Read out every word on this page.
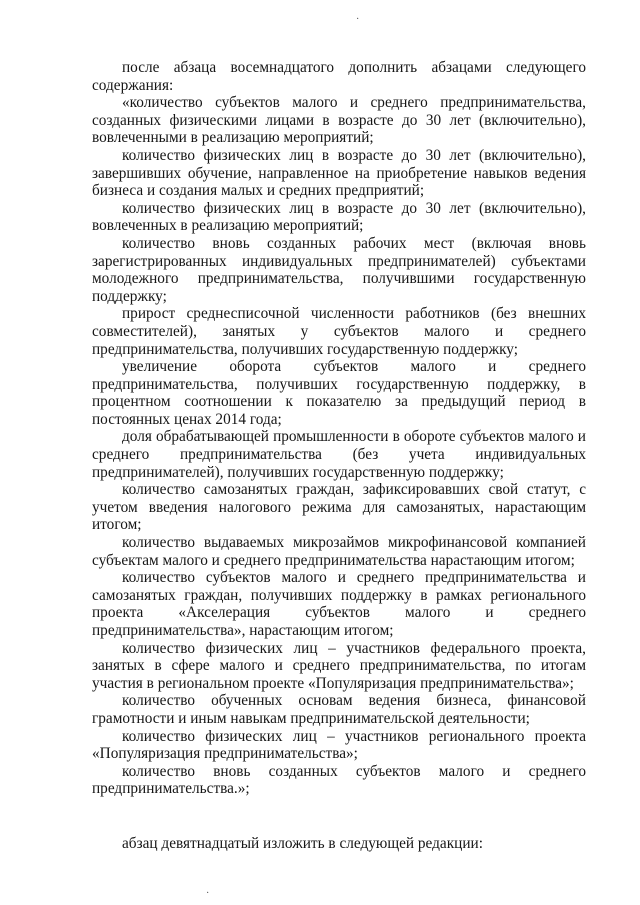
·

после абзаца восемнадцатого дополнить абзацами следующего содержания:

«количество субъектов малого и среднего предпринимательства, созданных физическими лицами в возрасте до 30 лет (включительно), вовлеченными в реализацию мероприятий;

количество физических лиц в возрасте до 30 лет (включительно), завершивших обучение, направленное на приобретение навыков ведения бизнеса и создания малых и средних предприятий;

количество физических лиц в возрасте до 30 лет (включительно), вовлеченных в реализацию мероприятий;

количество вновь созданных рабочих мест (включая вновь зарегистрированных индивидуальных предпринимателей) субъектами молодежного предпринимательства, получившими государственную поддержку;

прирост среднесписочной численности работников (без внешних совместителей), занятых у субъектов малого и среднего предпринимательства, получивших государственную поддержку;

увеличение оборота субъектов малого и среднего предпринимательства, получивших государственную поддержку, в процентном соотношении к показателю за предыдущий период в постоянных ценах 2014 года;

доля обрабатывающей промышленности в обороте субъектов малого и среднего предпринимательства (без учета индивидуальных предпринимателей), получивших государственную поддержку;

количество самозанятых граждан, зафиксировавших свой статут, с учетом введения налогового режима для самозанятых, нарастающим итогом;

количество выдаваемых микрозаймов микрофинансовой компанией субъектам малого и среднего предпринимательства нарастающим итогом;

количество субъектов малого и среднего предпринимательства и самозанятых граждан, получивших поддержку в рамках регионального проекта «Акселерация субъектов малого и среднего предпринимательства», нарастающим итогом;

количество физических лиц – участников федерального проекта, занятых в сфере малого и среднего предпринимательства, по итогам участия в региональном проекте «Популяризация предпринимательства»;

количество обученных основам ведения бизнеса, финансовой грамотности и иным навыкам предпринимательской деятельности;

количество физических лиц – участников регионального проекта «Популяризация предпринимательства»;

количество вновь созданных субъектов малого и среднего предпринимательства.»;

абзац девятнадцатый изложить в следующей редакции:

·
